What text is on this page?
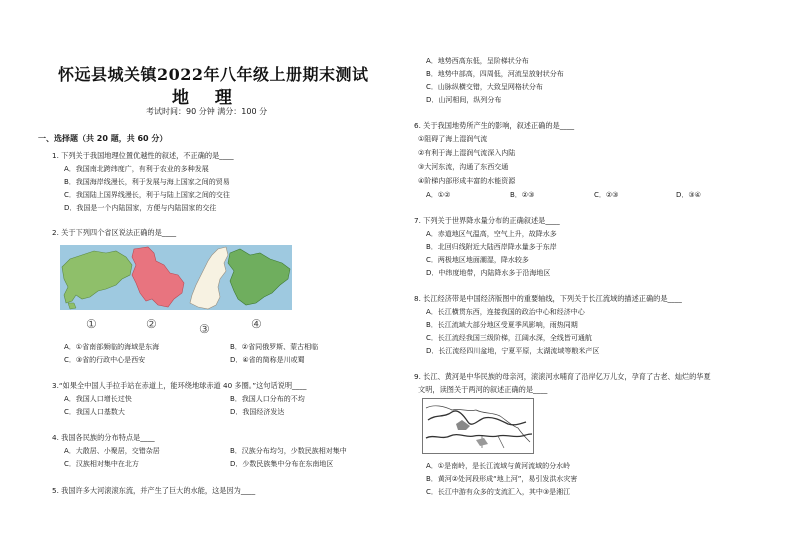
怀远县城关镇2022年八年级上册期末测试
地 理
考试时间：90 分钟 满分：100 分
一、选择题（共 20 题，共 60 分）
1. 下列关于我国地理位置优越性的叙述，不正确的是____
A．我国南北跨纬度广，有利于农业的多种发展
B．我国海岸线漫长，利于发展与海上国家之间的贸易
C．我国陆上国界线漫长，利于与陆上国家之间的交往
D．我国是一个内陆国家，方便与内陆国家的交往
2. 关于下列四个省区说法正确的是____
①	②	③	④
A．①省南部频临的海域是东海	B．②省同俄罗斯、蒙古相临
C．③省的行政中心是西安	D．④省的简称是川或蜀
3.“如果全中国人手拉手站在赤道上，能环绕地球赤道 40 多圈。”这句话说明____
A．我国人口增长过快	B．我国人口分布的不均
C．我国人口基数大	D．我国经济发达
4. 我国各民族的分布特点是____
A．大散居、小聚居，交错杂居	B．汉族分布均匀，少数民族相对集中
C．汉族相对集中在北方	D．少数民族集中分布在东南地区
5. 我国许多大河滚滚东流，并产生了巨大的水能，这是因为____
A．地势西高东低，呈阶梯状分布
B．地势中部高，四周低，河流呈放射状分布
C．山脉纵横交错，大致呈网格状分布
D．山河相间，纵列分布
6. 关于我国地势所产生的影响，叙述正确的是____
①阻碍了海上湿润气流
②有利于海上湿润气流深入内陆
③大河东流，沟通了东西交通
④阶梯内部形成丰富的水能资源
A．①②	B．②③	C．②③	D．③④
7. 下列关于世界降水量分布的正确叙述是____
A．赤道地区气温高，空气上升，故降水多
B．北回归线附近大陆西岸降水量多于东岸
C．两极地区地面潮湿，降水较多
D．中纬度地带，内陆降水多于沿海地区
8. 长江经济带是中国经济版图中的重要轴线，下列关于长江流域的描述正确的是____
A．长江横贯东西，连接我国的政治中心和经济中心
B．长江流域大部分地区受夏季风影响，雨热同期
C．长江流经我国三级阶梯，江阔水深，全线皆可通航
D．长江流经四川盆地，宁夏平原，太湖流域等粮米产区
9. 长江、黄河是中华民族的母亲河，滚滚河水哺育了沿岸亿万儿女，孕育了古老、灿烂的华夏
文明，读图关于两河的叙述正确的是____
A．①是南岭，是长江流域与黄河流域的分水岭
B．黄河②处河段形成“地上河”，易引发洪水灾害
C．长江中游有众多的支流汇入，其中③是湘江
